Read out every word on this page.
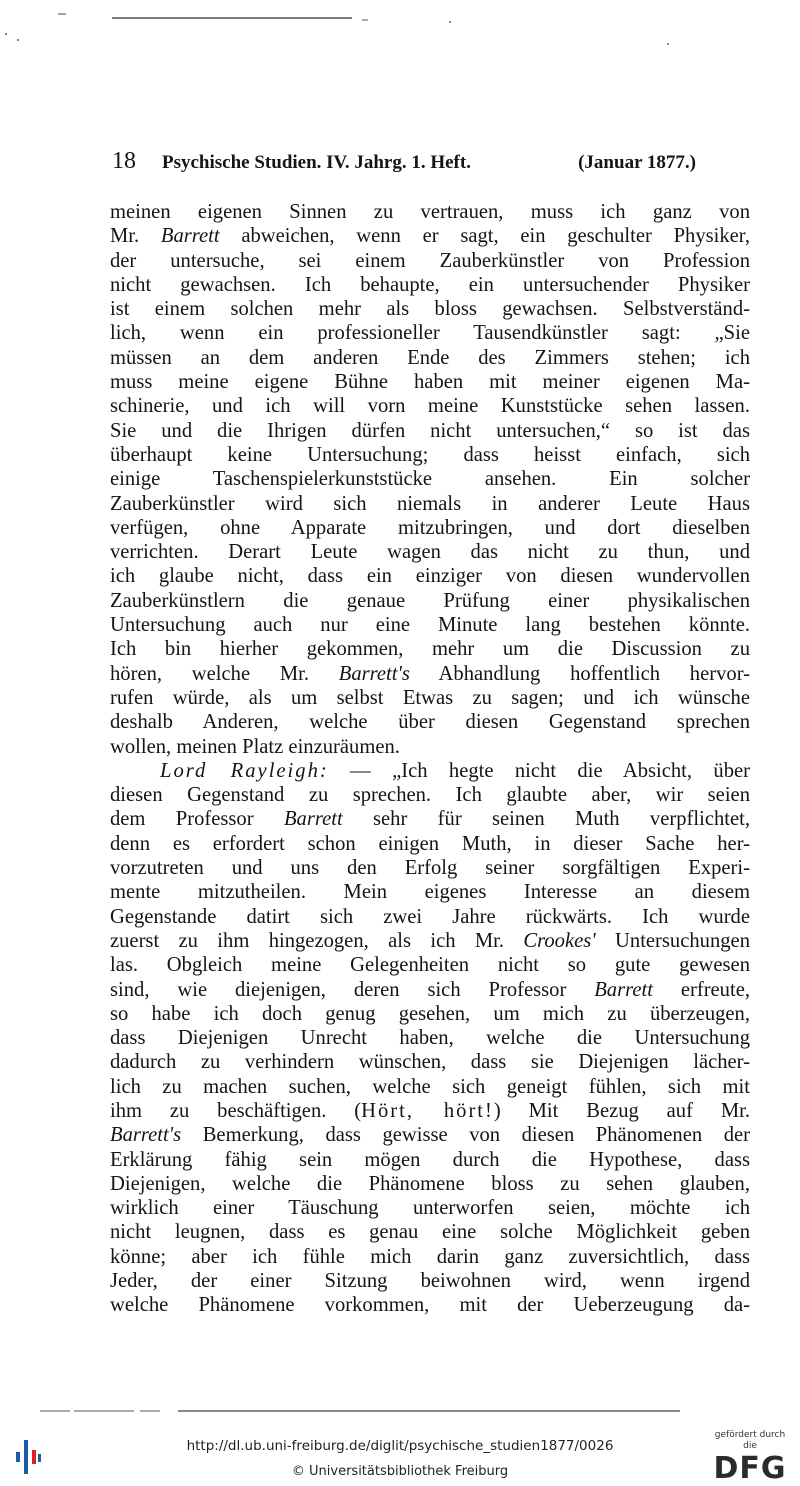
18 Psychische Studien. IV. Jahrg. 1. Heft.	(Januar 1877.)
meinen eigenen Sinnen zu vertrauen, muss ich ganz von
Mr. Barrett abweichen, wenn er sagt, ein geschulter Physiker,
der untersuche, sei einem Zauberkünstler von Profession
nicht gewachsen. Ich behaupte, ein untersuchender Physiker
ist einem solchen mehr als bloss gewachsen. Selbstverständ-
lich, wenn ein professioneller Tausendkünstler sagt: „Sie
müssen an dem anderen Ende des Zimmers stehen; ich
muss meine eigene Bühne haben mit meiner eigenen Ma-
schinerie, und ich will vorn meine Kunststücke sehen lassen.
Sie und die Ihrigen dürfen nicht untersuchen,“ so ist das
überhaupt keine Untersuchung; dass heisst einfach, sich
einige Taschenspielerkunststücke ansehen. Ein solcher
Zauberkünstler wird sich niemals in anderer Leute Haus
verfügen, ohne Apparate mitzubringen, und dort dieselben
verrichten. Derart Leute wagen das nicht zu thun, und
ich glaube nicht, dass ein einziger von diesen wundervollen
Zauberkünstlern die genaue Prüfung einer physikalischen
Untersuchung auch nur eine Minute lang bestehen könnte.
Ich bin hierher gekommen, mehr um die Discussion zu
hören, welche Mr. Barrett's Abhandlung hoffentlich hervor-
rufen würde, als um selbst Etwas zu sagen; und ich wünsche
deshalb Anderen, welche über diesen Gegenstand sprechen
wollen, meinen Platz einzuräumen.
Lord Rayleigh: — „Ich hegte nicht die Absicht, über
diesen Gegenstand zu sprechen. Ich glaubte aber, wir seien
dem Professor Barrett sehr für seinen Muth verpflichtet,
denn es erfordert schon einigen Muth, in dieser Sache her-
vorzutreten und uns den Erfolg seiner sorgfältigen Experi-
mente mitzutheilen. Mein eigenes Interesse an diesem
Gegenstande datirt sich zwei Jahre rückwärts. Ich wurde
zuerst zu ihm hingezogen, als ich Mr. Crookes' Untersuchungen
las. Obgleich meine Gelegenheiten nicht so gute gewesen
sind, wie diejenigen, deren sich Professor Barrett erfreute,
so habe ich doch genug gesehen, um mich zu überzeugen,
dass Diejenigen Unrecht haben, welche die Untersuchung
dadurch zu verhindern wünschen, dass sie Diejenigen lächer-
lich zu machen suchen, welche sich geneigt fühlen, sich mit
ihm zu beschäftigen. (Hört, hört!) Mit Bezug auf Mr.
Barrett's Bemerkung, dass gewisse von diesen Phänomenen der
Erklärung fähig sein mögen durch die Hypothese, dass
Diejenigen, welche die Phänomene bloss zu sehen glauben,
wirklich einer Täuschung unterworfen seien, möchte ich
nicht leugnen, dass es genau eine solche Möglichkeit geben
könne; aber ich fühle mich darin ganz zuversichtlich, dass
Jeder, der einer Sitzung beiwohnen wird, wenn irgend
welche Phänomene vorkommen, mit der Ueberzeugung da-
http://dl.ub.uni-freiburg.de/diglit/psychische_studien1877/0026
© Universitätsbibliothek Freiburg
gefördert durch die
DFG
